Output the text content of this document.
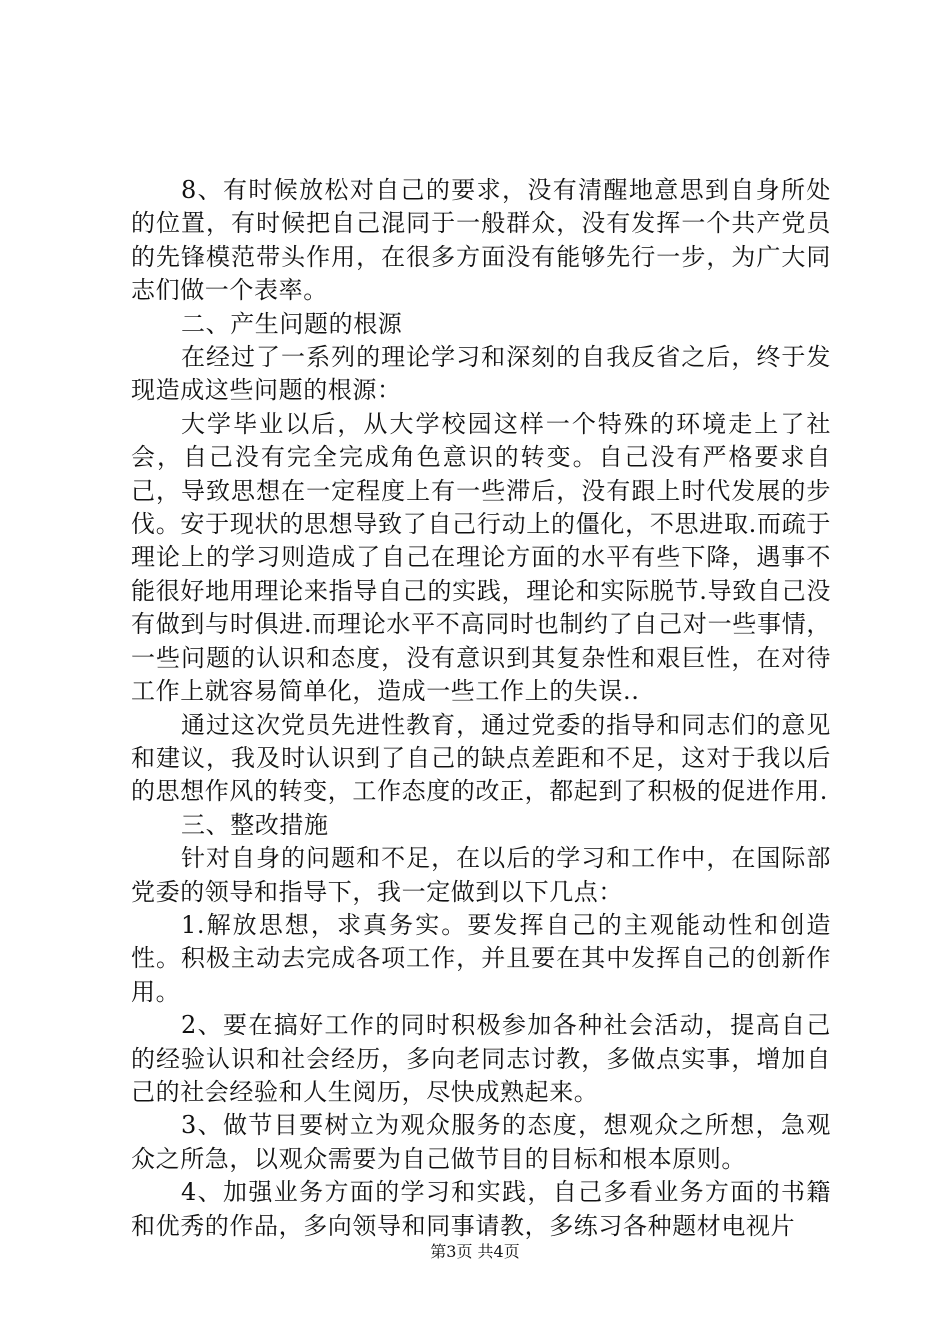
8、有时候放松对自己的要求，没有清醒地意思到自身所处的位置，有时候把自己混同于一般群众，没有发挥一个共产党员的先锋模范带头作用，在很多方面没有能够先行一步，为广大同志们做一个表率。

二、产生问题的根源

在经过了一系列的理论学习和深刻的自我反省之后，终于发现造成这些问题的根源：

大学毕业以后，从大学校园这样一个特殊的环境走上了社会，自己没有完全完成角色意识的转变。自己没有严格要求自己，导致思想在一定程度上有一些滞后，没有跟上时代发展的步伐。安于现状的思想导致了自己行动上的僵化，不思进取.而疏于理论上的学习则造成了自己在理论方面的水平有些下降，遇事不能很好地用理论来指导自己的实践，理论和实际脱节.导致自己没有做到与时俱进.而理论水平不高同时也制约了自己对一些事情，一些问题的认识和态度，没有意识到其复杂性和艰巨性，在对待工作上就容易简单化，造成一些工作上的失误..

通过这次党员先进性教育，通过党委的指导和同志们的意见和建议，我及时认识到了自己的缺点差距和不足，这对于我以后的思想作风的转变，工作态度的改正，都起到了积极的促进作用.

三、整改措施

针对自身的问题和不足，在以后的学习和工作中，在国际部党委的领导和指导下，我一定做到以下几点：

1.解放思想，求真务实。要发挥自己的主观能动性和创造性。积极主动去完成各项工作，并且要在其中发挥自己的创新作用。

2、要在搞好工作的同时积极参加各种社会活动，提高自己的经验认识和社会经历，多向老同志讨教，多做点实事，增加自己的社会经验和人生阅历，尽快成熟起来。

3、做节目要树立为观众服务的态度，想观众之所想，急观众之所急，以观众需要为自己做节目的目标和根本原则。

4、加强业务方面的学习和实践，自己多看业务方面的书籍和优秀的作品，多向领导和同事请教，多练习各种题材电视片

第3页 共4页
